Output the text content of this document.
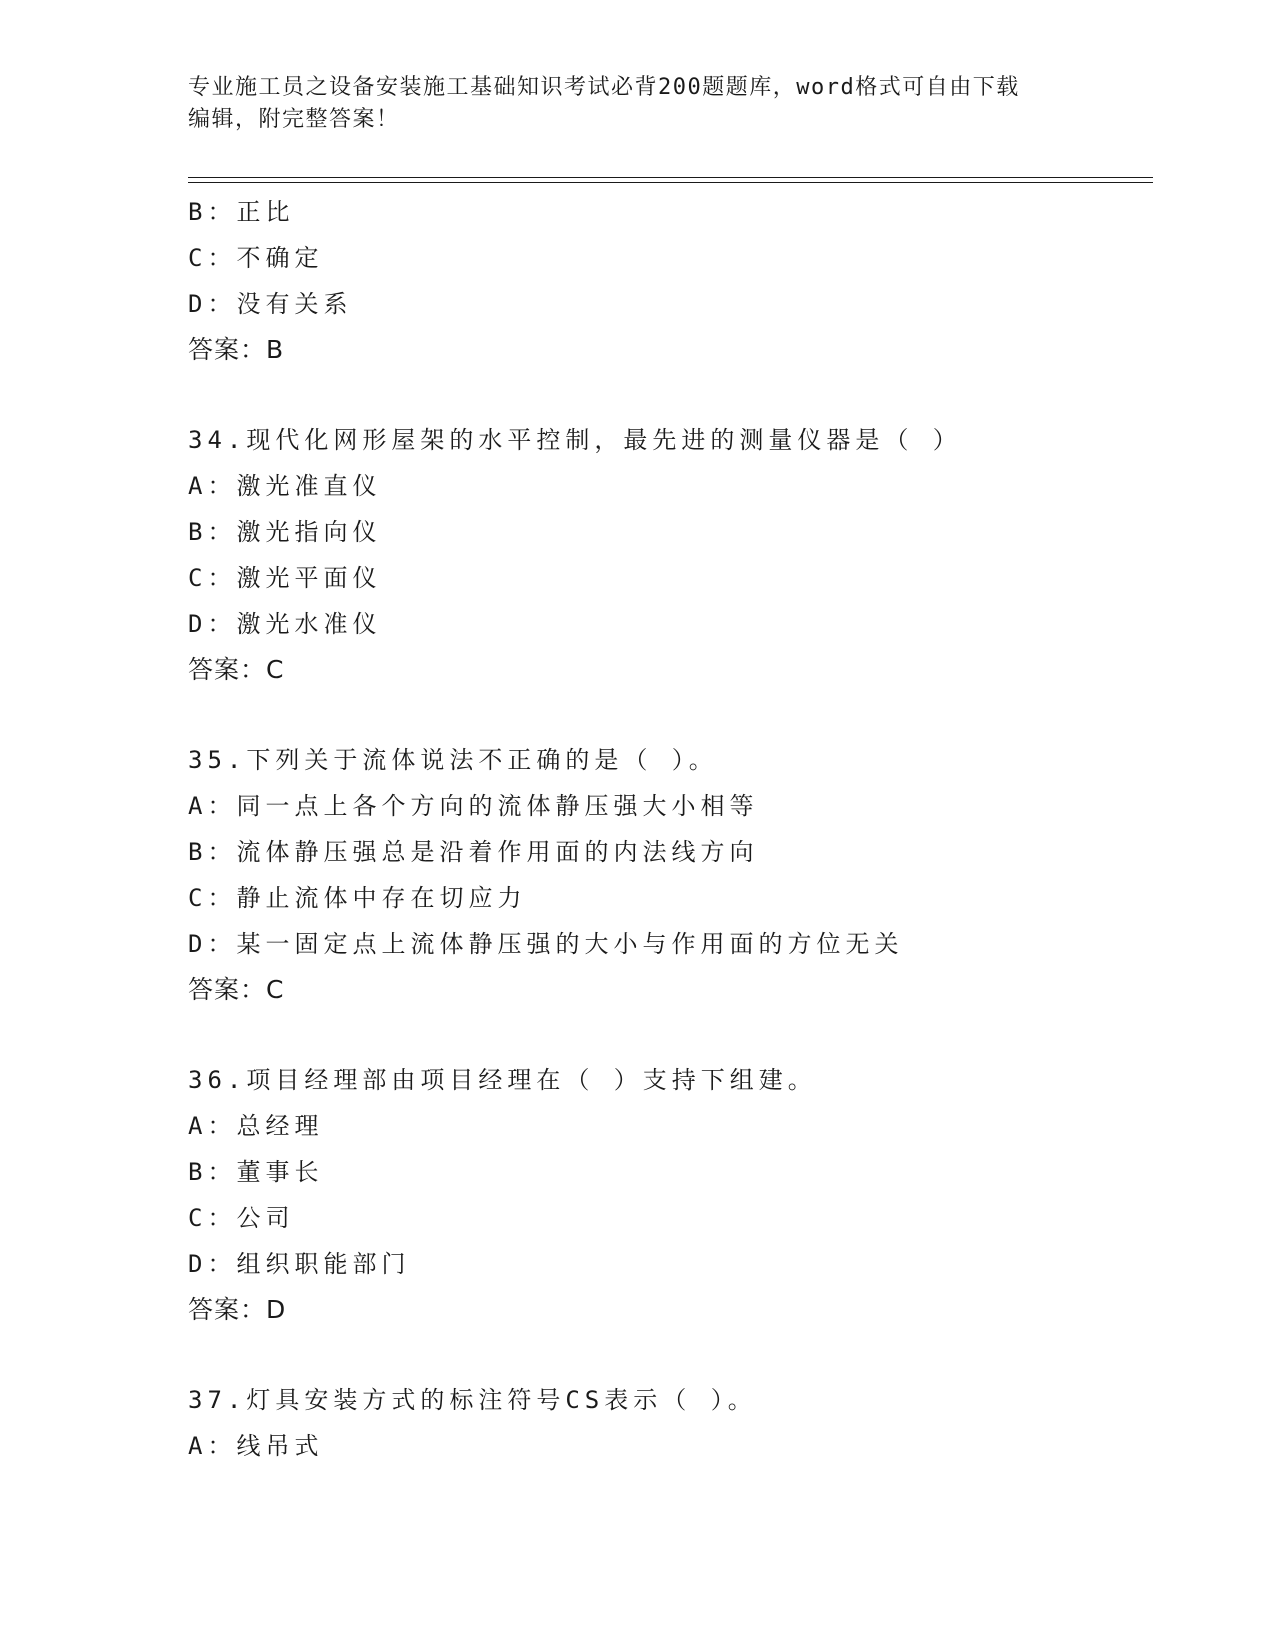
专业施工员之设备安装施工基础知识考试必背200题题库，word格式可自由下载
编辑，附完整答案！
B：正比
C：不确定
D：没有关系
答案：B
34.现代化网形屋架的水平控制，最先进的测量仪器是（ ）
A：激光准直仪
B：激光指向仪
C：激光平面仪
D：激光水准仪
答案：C
35.下列关于流体说法不正确的是（ ）。
A：同一点上各个方向的流体静压强大小相等
B：流体静压强总是沿着作用面的内法线方向
C：静止流体中存在切应力
D：某一固定点上流体静压强的大小与作用面的方位无关
答案：C
36.项目经理部由项目经理在（ ）支持下组建。
A：总经理
B：董事长
C：公司
D：组织职能部门
答案：D
37.灯具安装方式的标注符号CS表示（ ）。
A：线吊式
